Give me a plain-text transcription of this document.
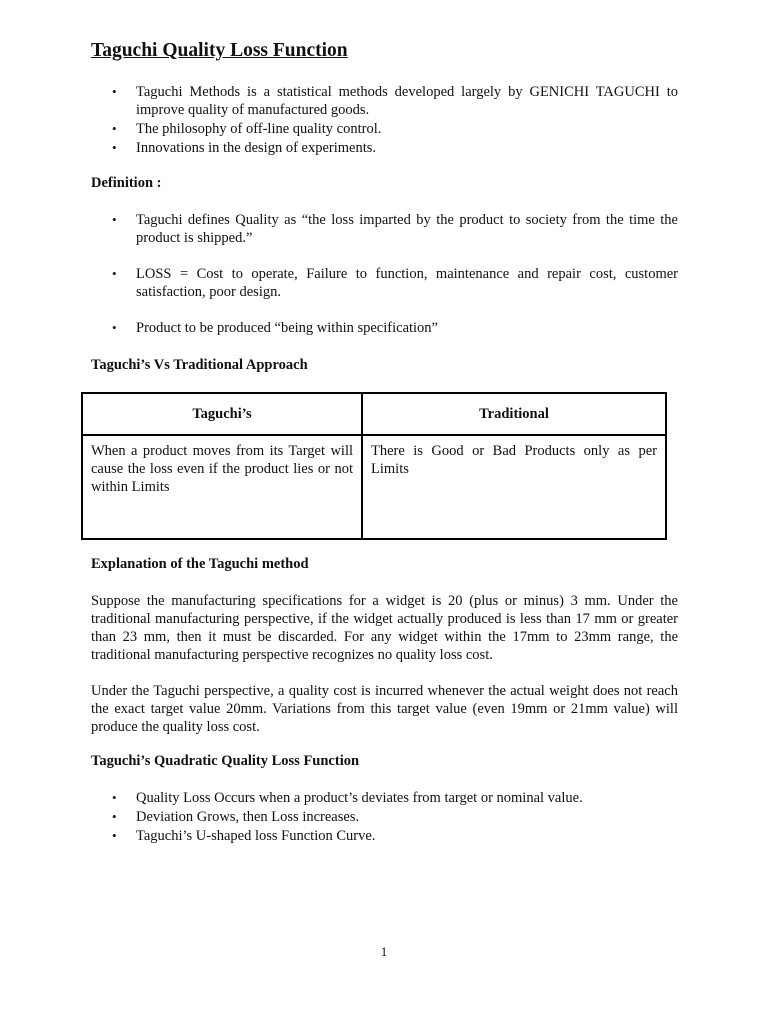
Taguchi Quality Loss Function
• Taguchi Methods is a statistical methods developed largely by GENICHI TAGUCHI to improve quality of manufactured goods.
• The philosophy of off-line quality control.
• Innovations in the design of experiments.

Definition :

• Taguchi defines Quality as “the loss imparted by the product to society from the time the product is shipped.”
• LOSS = Cost to operate, Failure to function, maintenance and repair cost, customer satisfaction, poor design.
• Product to be produced “being within specification”

Taguchi’s Vs Traditional Approach

Taguchi’s	Traditional
When a product moves from its Target will cause the loss even if the product lies or not within Limits	There is Good or Bad Products only as per Limits

Explanation of the Taguchi method

Suppose the manufacturing specifications for a widget is 20 (plus or minus) 3 mm. Under the traditional manufacturing perspective, if the widget actually produced is less than 17 mm or greater than 23 mm, then it must be discarded. For any widget within the 17mm to 23mm range, the traditional manufacturing perspective recognizes no quality loss cost.

Under the Taguchi perspective, a quality cost is incurred whenever the actual weight does not reach the exact target value 20mm. Variations from this target value (even 19mm or 21mm value) will produce the quality loss cost.

Taguchi’s Quadratic Quality Loss Function

• Quality Loss Occurs when a product’s deviates from target or nominal value.
• Deviation Grows, then Loss increases.
• Taguchi’s U-shaped loss Function Curve.

1
